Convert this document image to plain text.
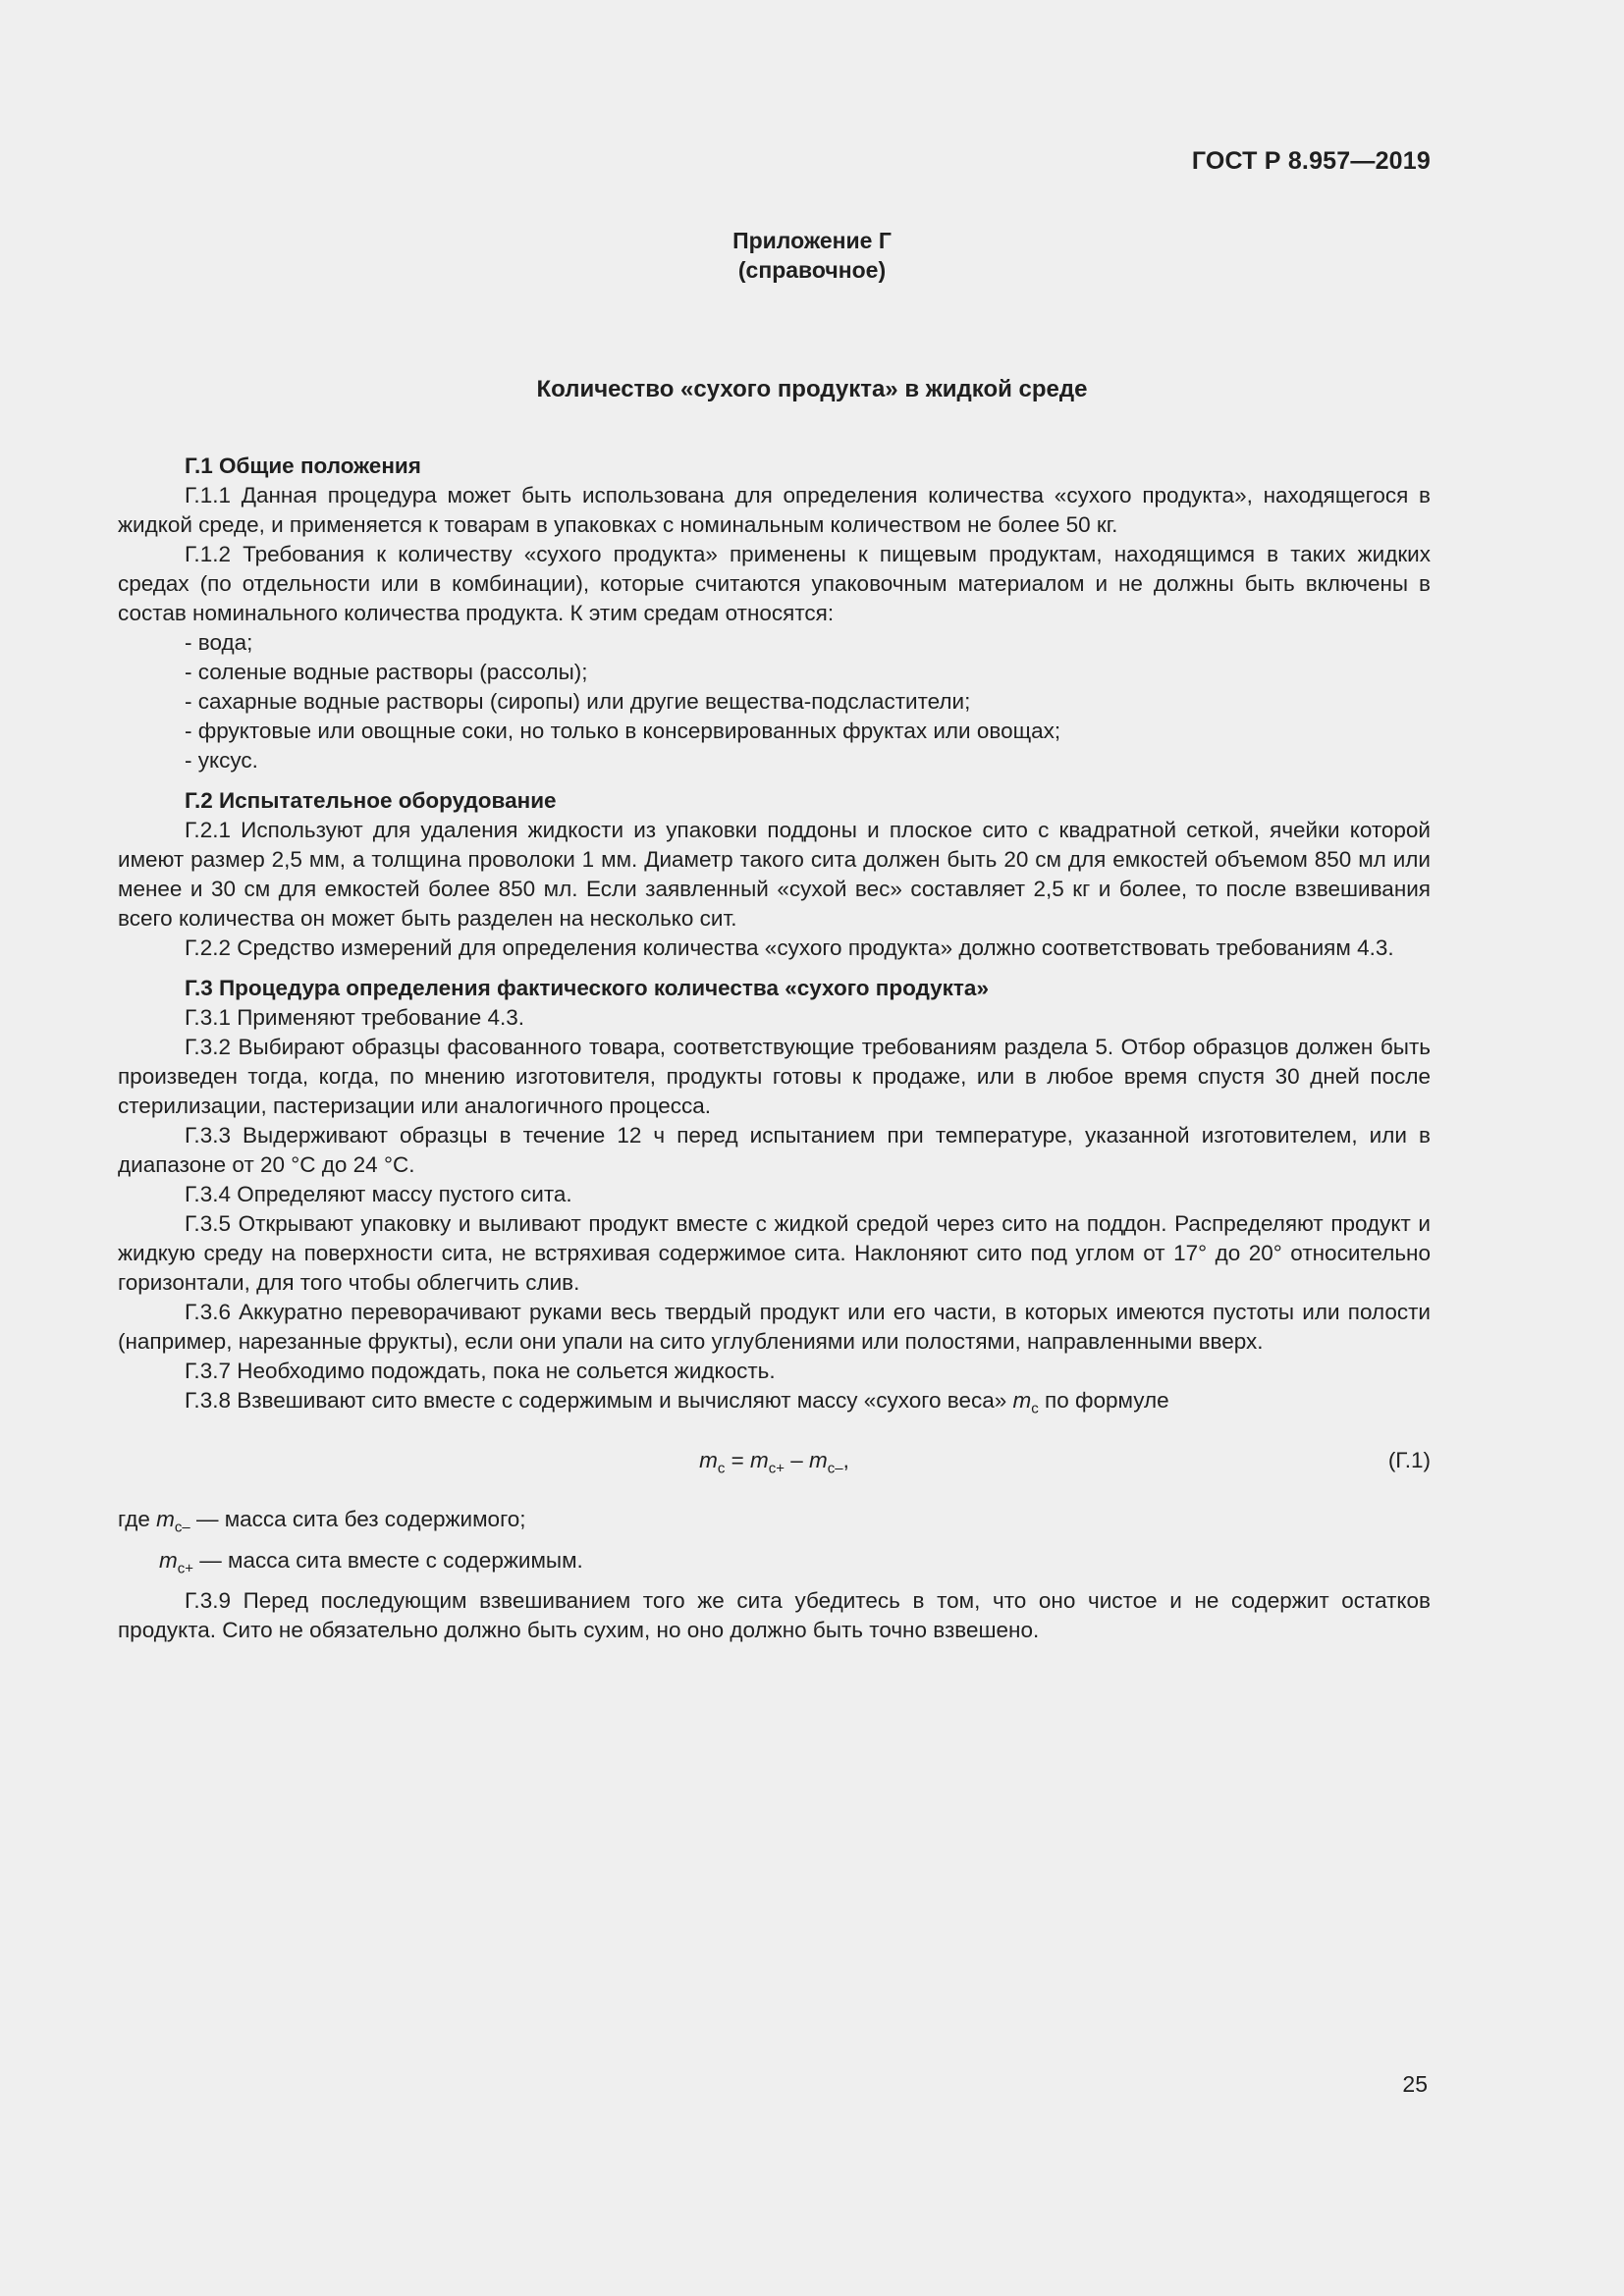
ГОСТ Р 8.957—2019
Приложение Г
(справочное)
Количество «сухого продукта» в жидкой среде

Г.1 Общие положения

Г.1.1 Данная процедура может быть использована для определения количества «сухого продукта», находящегося в жидкой среде, и применяется к товарам в упаковках с номинальным количеством не более 50 кг.

Г.1.2 Требования к количеству «сухого продукта» применены к пищевым продуктам, находящимся в таких жидких средах (по отдельности или в комбинации), которые считаются упаковочным материалом и не должны быть включены в состав номинального количества продукта. К этим средам относятся:

- вода;
- соленые водные растворы (рассолы);
- сахарные водные растворы (сиропы) или другие вещества-подсластители;
- фруктовые или овощные соки, но только в консервированных фруктах или овощах;
- уксус.

Г.2 Испытательное оборудование

Г.2.1 Используют для удаления жидкости из упаковки поддоны и плоское сито с квадратной сеткой, ячейки которой имеют размер 2,5 мм, а толщина проволоки 1 мм. Диаметр такого сита должен быть 20 см для емкостей объемом 850 мл или менее и 30 см для емкостей более 850 мл. Если заявленный «сухой вес» составляет 2,5 кг и более, то после взвешивания всего количества он может быть разделен на несколько сит.

Г.2.2 Средство измерений для определения количества «сухого продукта» должно соответствовать требованиям 4.3.

Г.3 Процедура определения фактического количества «сухого продукта»

Г.3.1 Применяют требование 4.3.

Г.3.2 Выбирают образцы фасованного товара, соответствующие требованиям раздела 5. Отбор образцов должен быть произведен тогда, когда, по мнению изготовителя, продукты готовы к продаже, или в любое время спустя 30 дней после стерилизации, пастеризации или аналогичного процесса.

Г.3.3 Выдерживают образцы в течение 12 ч перед испытанием при температуре, указанной изготовителем, или в диапазоне от 20 °С до 24 °С.

Г.3.4 Определяют массу пустого сита.

Г.3.5 Открывают упаковку и выливают продукт вместе с жидкой средой через сито на поддон. Распределяют продукт и жидкую среду на поверхности сита, не встряхивая содержимое сита. Наклоняют сито под углом от 17° до 20° относительно горизонтали, для того чтобы облегчить слив.

Г.3.6 Аккуратно переворачивают руками весь твердый продукт или его части, в которых имеются пустоты или полости (например, нарезанные фрукты), если они упали на сито углублениями или полостями, направленными вверх.

Г.3.7 Необходимо подождать, пока не сольется жидкость.

Г.3.8 Взвешивают сито вместе с содержимым и вычисляют массу «сухого веса» $m_c$ по формуле

$m_c = m_{c+} - m_{c-}$,	(Г.1)

где $m_{c-}$ — масса сита без содержимого;

$m_{c+}$ — масса сита вместе с содержимым.

Г.3.9 Перед последующим взвешиванием того же сита убедитесь в том, что оно чистое и не содержит остатков продукта. Сито не обязательно должно быть сухим, но оно должно быть точно взвешено.

25
